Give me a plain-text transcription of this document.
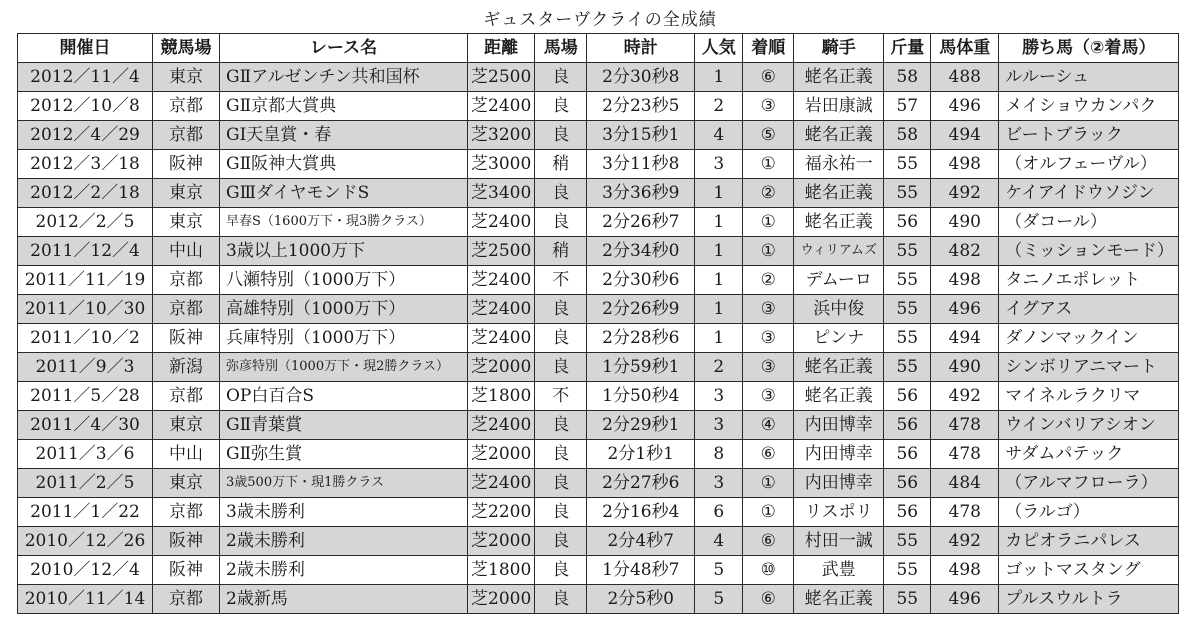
ギュスターヴクライの全成績
開催日	競馬場	レース名	距離	馬場	時計	人気	着順	騎手	斤量	馬体重	勝ち馬（②着馬）
2012／11／4	東京	GⅡアルゼンチン共和国杯	芝2500	良	2分30秒8	1	⑥	蛯名正義	58	488	ルルーシュ
2012／10／8	京都	GⅡ京都大賞典	芝2400	良	2分23秒5	2	③	岩田康誠	57	496	メイショウカンパク
2012／4／29	京都	GⅠ天皇賞・春	芝3200	良	3分15秒1	4	⑤	蛯名正義	58	494	ビートブラック
2012／3／18	阪神	GⅡ阪神大賞典	芝3000	稍	3分11秒8	3	①	福永祐一	55	498	（オルフェーヴル）
2012／2／18	東京	GⅢダイヤモンドS	芝3400	良	3分36秒9	1	②	蛯名正義	55	492	ケイアイドウソジン
2012／2／5	東京	早春S（1600万下・現3勝クラス）	芝2400	良	2分26秒7	1	①	蛯名正義	56	490	（ダコール）
2011／12／4	中山	3歳以上1000万下	芝2500	稍	2分34秒0	1	①	ウィリアムズ	55	482	（ミッションモード）
2011／11／19	京都	八瀬特別（1000万下）	芝2400	不	2分30秒6	1	②	デムーロ	55	498	タニノエポレット
2011／10／30	京都	高雄特別（1000万下）	芝2400	良	2分26秒9	1	③	浜中俊	55	496	イグアス
2011／10／2	阪神	兵庫特別（1000万下）	芝2400	良	2分28秒6	1	③	ピンナ	55	494	ダノンマックイン
2011／9／3	新潟	弥彦特別（1000万下・現2勝クラス）	芝2000	良	1分59秒1	2	③	蛯名正義	55	490	シンボリアニマート
2011／5／28	京都	OP白百合S	芝1800	不	1分50秒4	3	③	蛯名正義	56	492	マイネルラクリマ
2011／4／30	東京	GⅡ青葉賞	芝2400	良	2分29秒1	3	④	内田博幸	56	478	ウインバリアシオン
2011／3／6	中山	GⅡ弥生賞	芝2000	良	2分1秒1	8	⑥	内田博幸	56	478	サダムパテック
2011／2／5	東京	3歳500万下・現1勝クラス	芝2400	良	2分27秒6	3	①	内田博幸	56	484	（アルマフローラ）
2011／1／22	京都	3歳未勝利	芝2200	良	2分16秒4	6	①	リスポリ	56	478	（ラルゴ）
2010／12／26	阪神	2歳未勝利	芝2000	良	2分4秒7	4	⑥	村田一誠	55	492	カピオラニパレス
2010／12／4	阪神	2歳未勝利	芝1800	良	1分48秒7	5	⑩	武豊	55	498	ゴットマスタング
2010／11／14	京都	2歳新馬	芝2000	良	2分5秒0	5	⑥	蛯名正義	55	496	プルスウルトラ
